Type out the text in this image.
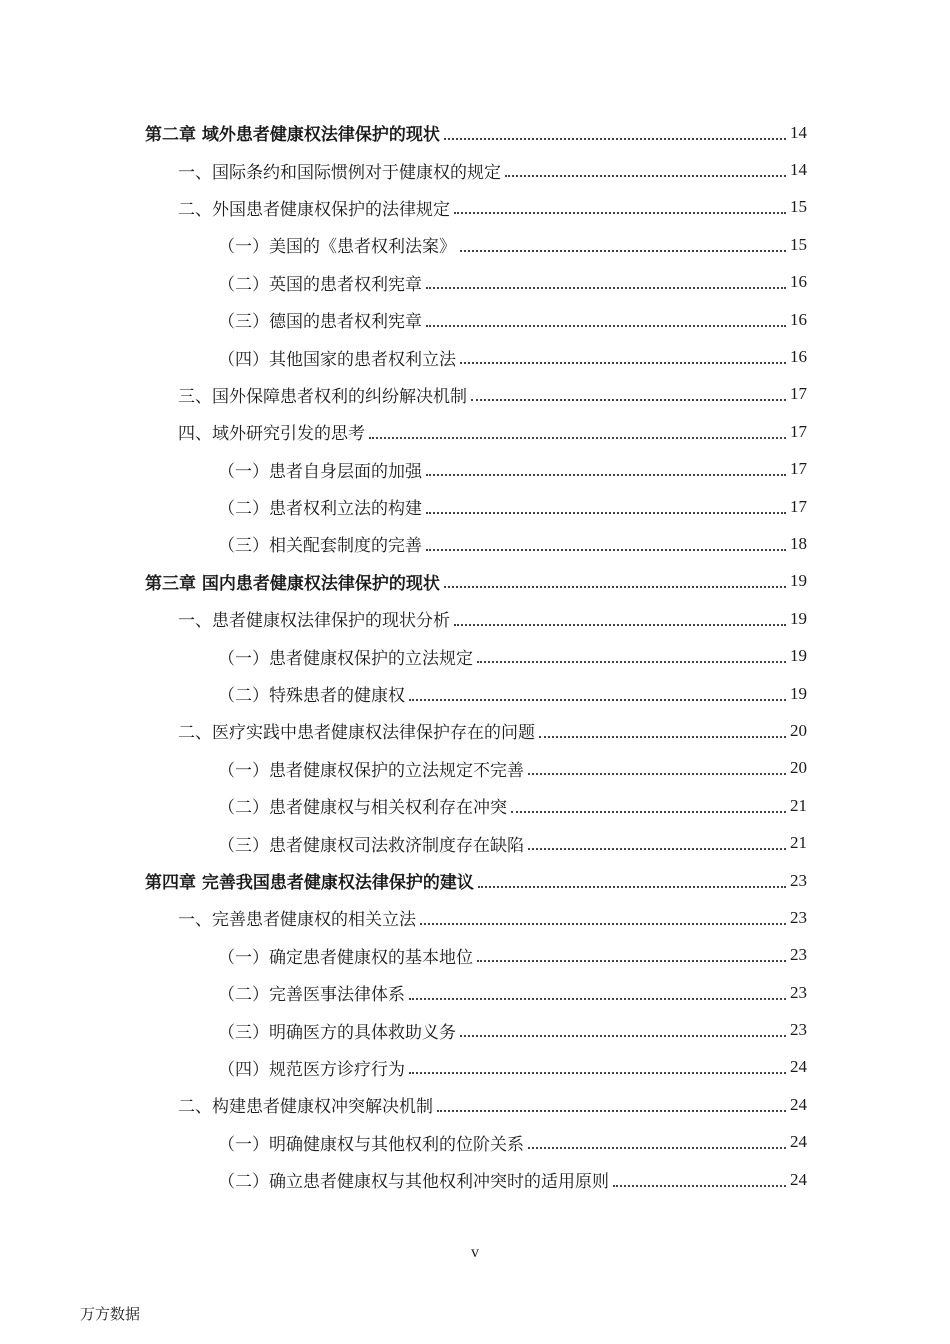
第二章 域外患者健康权法律保护的现状	14
一、国际条约和国际惯例对于健康权的规定	14
二、外国患者健康权保护的法律规定	15
（一）美国的《患者权利法案》	15
（二）英国的患者权利宪章	16
（三）德国的患者权利宪章	16
（四）其他国家的患者权利立法	16
三、国外保障患者权利的纠纷解决机制	17
四、域外研究引发的思考	17
（一）患者自身层面的加强	17
（二）患者权利立法的构建	17
（三）相关配套制度的完善	18
第三章 国内患者健康权法律保护的现状	19
一、患者健康权法律保护的现状分析	19
（一）患者健康权保护的立法规定	19
（二）特殊患者的健康权	19
二、医疗实践中患者健康权法律保护存在的问题	20
（一）患者健康权保护的立法规定不完善	20
（二）患者健康权与相关权利存在冲突	21
（三）患者健康权司法救济制度存在缺陷	21
第四章 完善我国患者健康权法律保护的建议	23
一、完善患者健康权的相关立法	23
（一）确定患者健康权的基本地位	23
（二）完善医事法律体系	23
（三）明确医方的具体救助义务	23
（四）规范医方诊疗行为	24
二、构建患者健康权冲突解决机制	24
（一）明确健康权与其他权利的位阶关系	24
（二）确立患者健康权与其他权利冲突时的适用原则	24
v
万方数据
